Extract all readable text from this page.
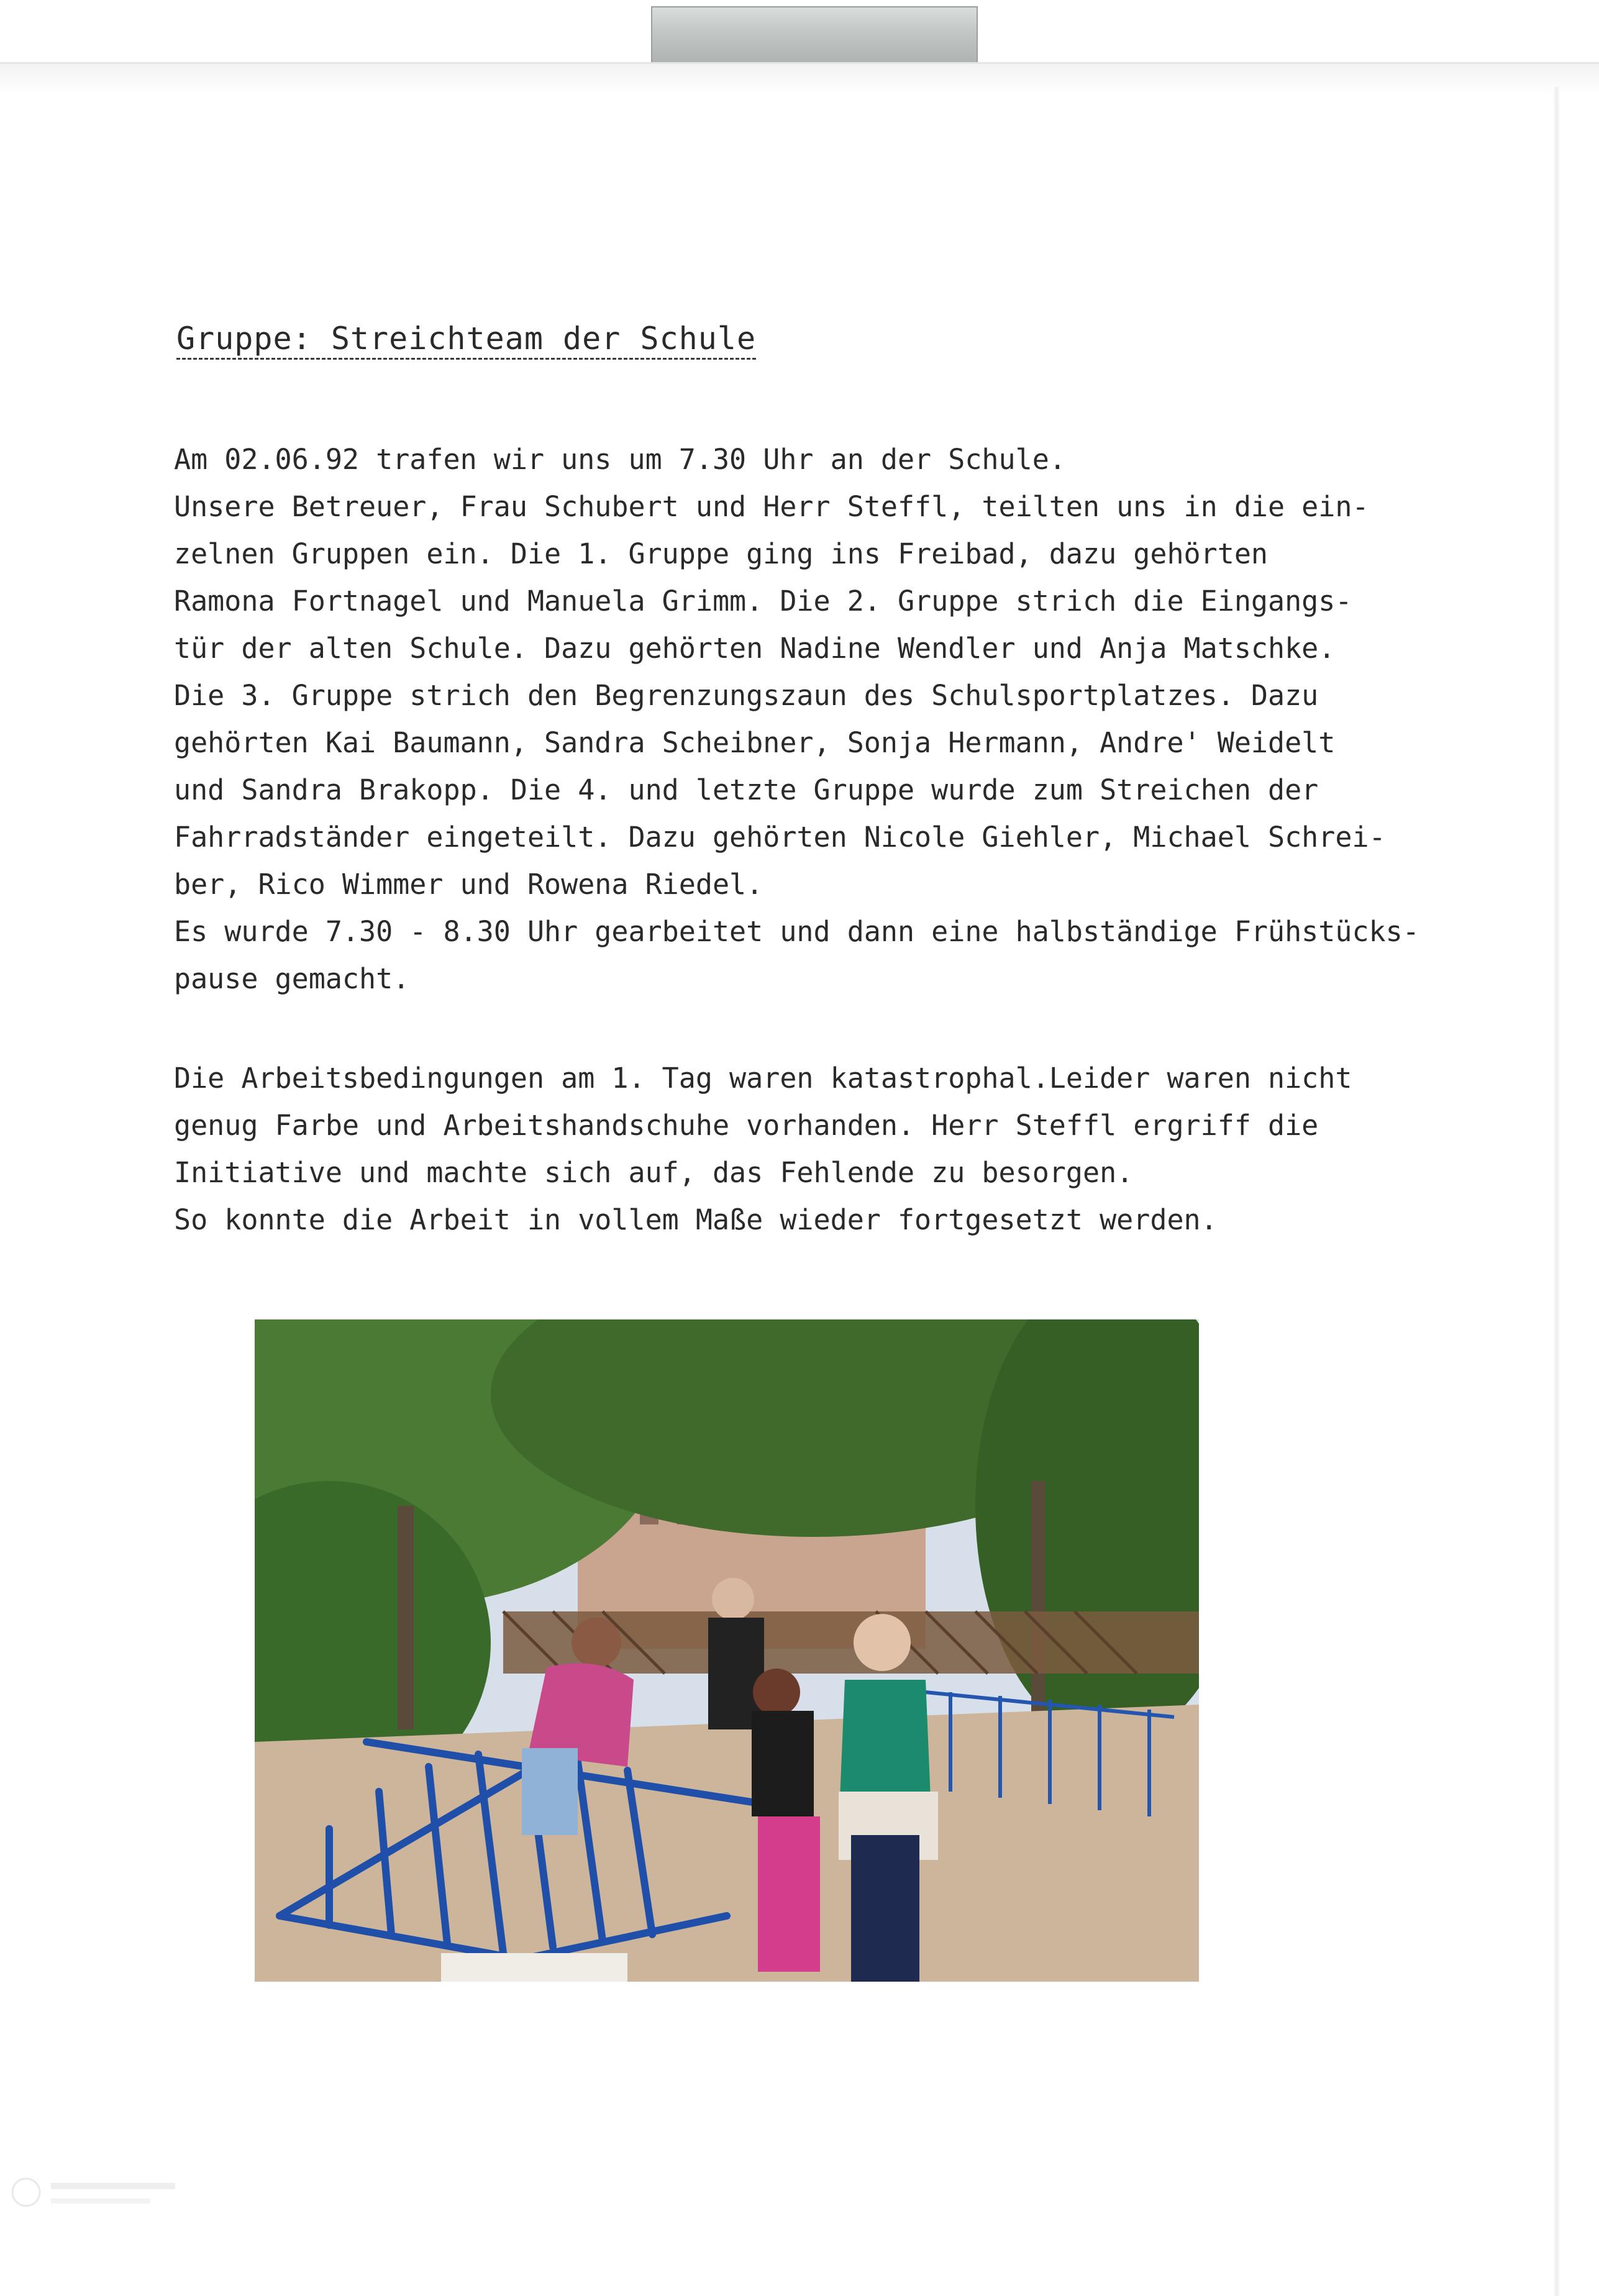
Gruppe: Streichteam der Schule
Am 02.06.92 trafen wir uns um 7.30 Uhr an der Schule.
Unsere Betreuer, Frau Schubert und Herr Steffl, teilten uns in die ein-
zelnen Gruppen ein. Die 1. Gruppe ging ins Freibad, dazu gehörten
Ramona Fortnagel und Manuela Grimm. Die 2. Gruppe strich die Eingangs-
tür der alten Schule. Dazu gehörten Nadine Wendler und Anja Matschke.
Die 3. Gruppe strich den Begrenzungszaun des Schulsportplatzes. Dazu
gehörten Kai Baumann, Sandra Scheibner, Sonja Hermann, Andre' Weidelt
und Sandra Brakopp. Die 4. und letzte Gruppe wurde zum Streichen der
Fahrradständer eingeteilt. Dazu gehörten Nicole Giehler, Michael Schrei-
ber, Rico Wimmer und Rowena Riedel.
Es wurde 7.30 - 8.30 Uhr gearbeitet und dann eine halbständige Frühstücks-
pause gemacht.
Die Arbeitsbedingungen am 1. Tag waren katastrophal.Leider waren nicht
genug Farbe und Arbeitshandschuhe vorhanden. Herr Steffl ergriff die
Initiative und machte sich auf, das Fehlende zu besorgen.
So konnte die Arbeit in vollem Maße wieder fortgesetzt werden.
